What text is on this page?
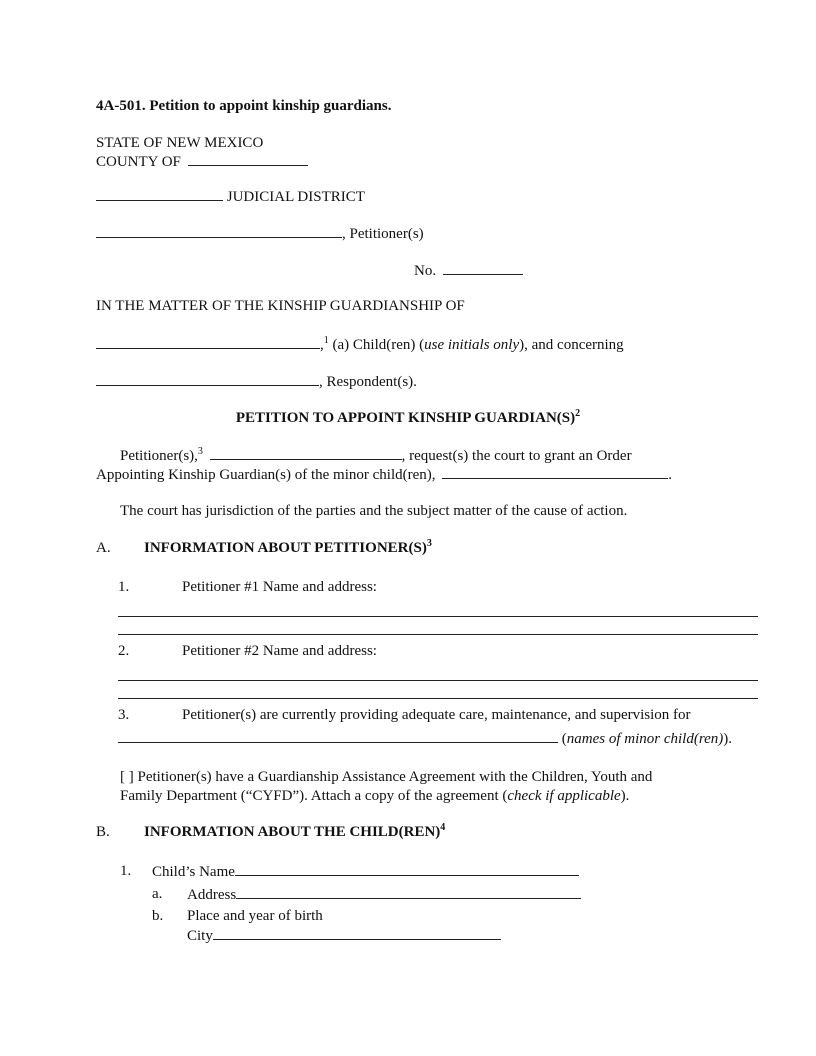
4A-501. Petition to appoint kinship guardians.
STATE OF NEW MEXICO
COUNTY OF
JUDICIAL DISTRICT
, Petitioner(s)
No.
IN THE MATTER OF THE KINSHIP GUARDIANSHIP OF
,$^1$ (a) Child(ren) (use initials only), and concerning
, Respondent(s).
PETITION TO APPOINT KINSHIP $GUARDIAN(S)^2$
Petitioner(s),$^3$	, request(s) the court to grant an Order
Appointing Kinship Guardian(s) of the minor child(ren),	.
The court has jurisdiction of the parties and the subject matter of the cause of action.
A. INFORMATION ABOUT $PETITIONER(S)^3$
1.	Petitioner #1 Name and address:
2.	Petitioner #2 Name and address:
3.	Petitioner(s) are currently providing adequate care, maintenance, and supervision for
(names of minor child(ren)).
[ ] Petitioner(s) have a Guardianship Assistance Agreement with the Children, Youth and
Family Department (“CYFD”). Attach a copy of the agreement (check if applicable).
B. INFORMATION ABOUT THE CHILD(REN)$^4$
1. Child’s Name
a. Address
b. Place and year of birth
City
